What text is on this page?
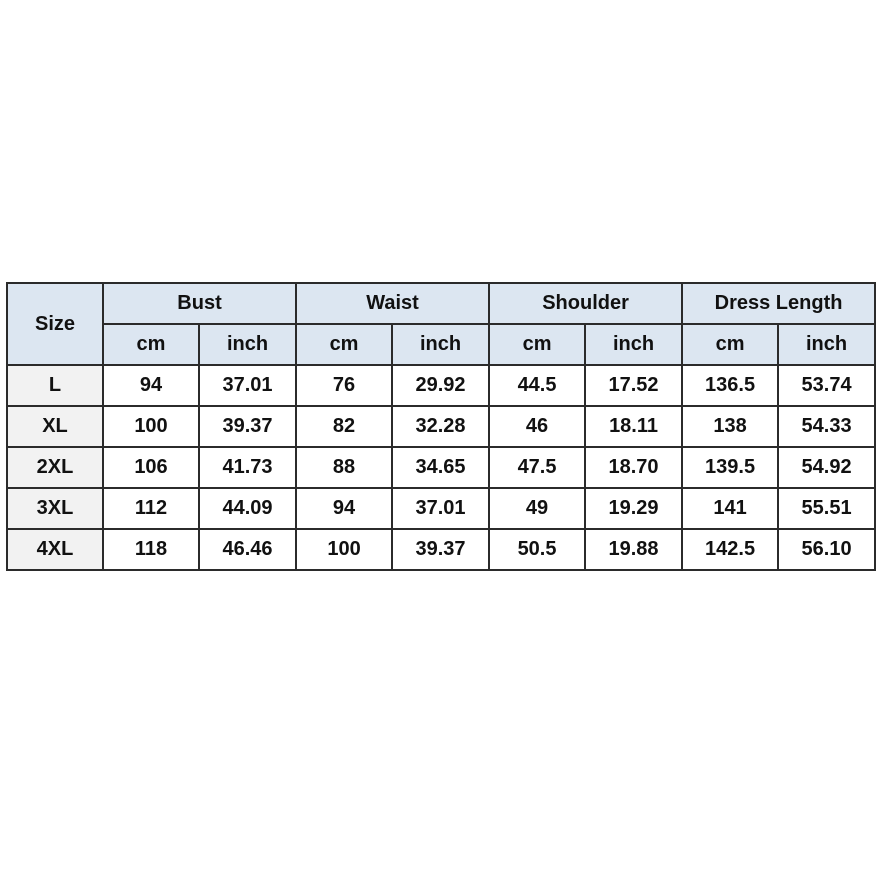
Size	Bust		Waist		Shoulder		Dress Length	
	cm	inch	cm	inch	cm	inch	cm	inch
L	94	37.01	76	29.92	44.5	17.52	136.5	53.74
XL	100	39.37	82	32.28	46	18.11	138	54.33
2XL	106	41.73	88	34.65	47.5	18.70	139.5	54.92
3XL	112	44.09	94	37.01	49	19.29	141	55.51
4XL	118	46.46	100	39.37	50.5	19.88	142.5	56.10
